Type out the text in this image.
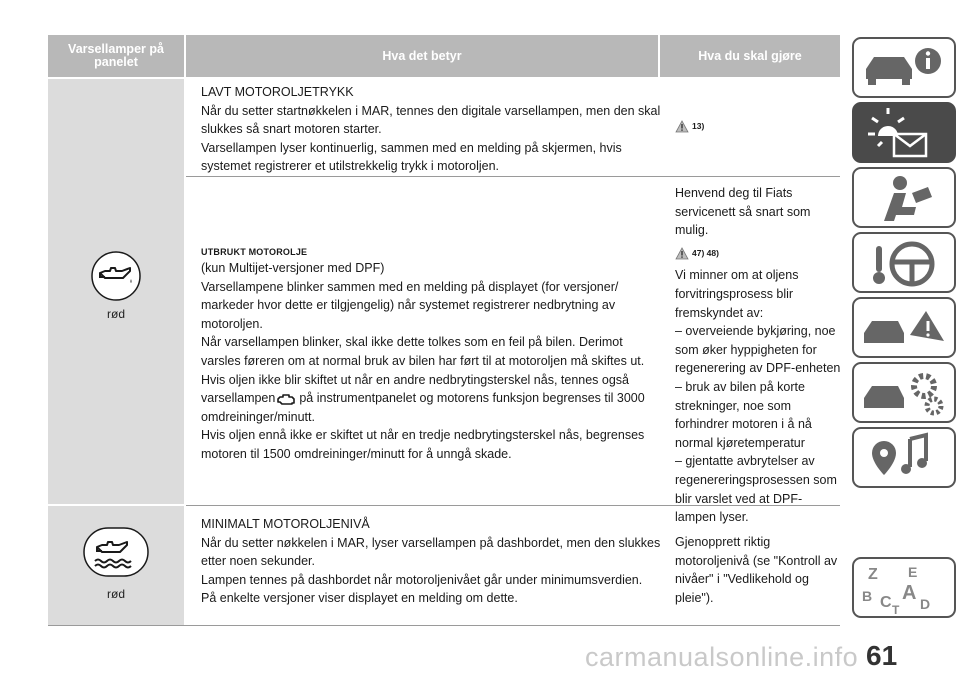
Varsellamper på panelet	Hva det betyr	Hva du skal gjøre
rød
rød
LAVT MOTOROLJETRYKK
Når du setter startnøkkelen i MAR, tennes den digitale varsellampen, men den skal slukkes så snart motoren starter.
Varsellampen lyser kontinuerlig, sammen med en melding på skjermen, hvis systemet registrerer et utilstrekkelig trykk i motoroljen.
13)
UTBRUKT MOTOROLJE
(kun Multijet-versjoner med DPF)
Varsellampene blinker sammen med en melding på displayet (for versjoner/ markeder hvor dette er tilgjengelig) når systemet registrerer nedbrytning av motoroljen.
Når varsellampen blinker, skal ikke dette tolkes som en feil på bilen. Derimot varsles føreren om at normal bruk av bilen har ført til at motoroljen må skiftes ut.
Hvis oljen ikke blir skiftet ut når en andre nedbrytingsterskel nås, tennes også varsellampen på instrumentpanelet og motorens funksjon begrenses til 3000 omdreininger/minutt.
Hvis oljen ennå ikke er skiftet ut når en tredje nedbrytingsterskel nås, begrenses motoren til 1500 omdreininger/minutt for å unngå skade.
Henvend deg til Fiats servicenett så snart som mulig.
47) 48)
Vi minner om at oljens forvitringsprosess blir fremskyndet av:
– overveiende bykjøring, noe som øker hyppigheten for regenerering av DPF-enheten
– bruk av bilen på korte strekninger, noe som forhindrer motoren i å nå normal kjøretemperatur
– gjentatte avbrytelser av regenereringsprosessen som blir varslet ved at DPF-lampen lyser.
MINIMALT MOTOROLJENIVÅ
Når du setter nøkkelen i MAR, lyser varsellampen på dashbordet, men den slukkes etter noen sekunder.
Lampen tennes på dashbordet når motoroljenivået går under minimumsverdien.
På enkelte versjoner viser displayet en melding om dette.
Gjenopprett riktig motoroljenivå (se "Kontroll av nivåer" i "Vedlikehold og pleie").
Z E
B A
C D
T
carmanualsonline.info 61
